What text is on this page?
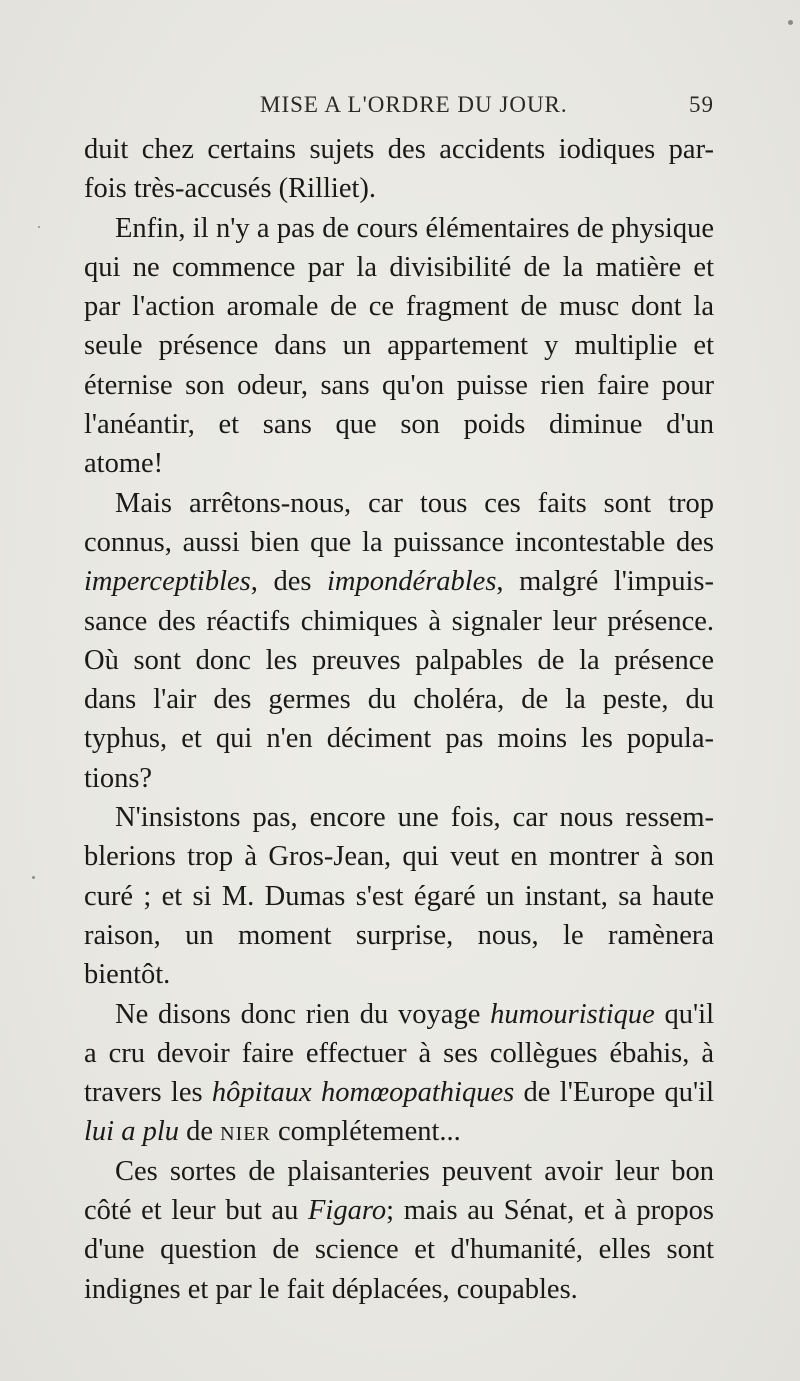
MISE A L'ORDRE DU JOUR.	59

duit chez certains sujets des accidents iodiques par-

fois très-accusés (Rilliet).

Enfin, il n'y a pas de cours élémentaires de physique

qui ne commence par la divisibilité de la matière et

par l'action aromale de ce fragment de musc dont la

seule présence dans un appartement y multiplie et

éternise son odeur, sans qu'on puisse rien faire pour

l'anéantir, et sans que son poids diminue d'un

atome!

Mais arrêtons-nous, car tous ces faits sont trop

connus, aussi bien que la puissance incontestable des

imperceptibles, des impondérables, malgré l'impuis-

sance des réactifs chimiques à signaler leur présence.

Où sont donc les preuves palpables de la présence

dans l'air des germes du choléra, de la peste, du

typhus, et qui n'en déciment pas moins les popula-

tions?

N'insistons pas, encore une fois, car nous ressem-

blerions trop à Gros-Jean, qui veut en montrer à son

curé ; et si M. Dumas s'est égaré un instant, sa haute

raison, un moment surprise, nous, le ramènera

bientôt.

Ne disons donc rien du voyage humouristique qu'il

a cru devoir faire effectuer à ses collègues ébahis, à

travers les hôpitaux homœopathiques de l'Europe qu'il

lui a plu de nier complétement...

Ces sortes de plaisanteries peuvent avoir leur bon

côté et leur but au Figaro; mais au Sénat, et à propos

d'une question de science et d'humanité, elles sont

indignes et par le fait déplacées, coupables.
